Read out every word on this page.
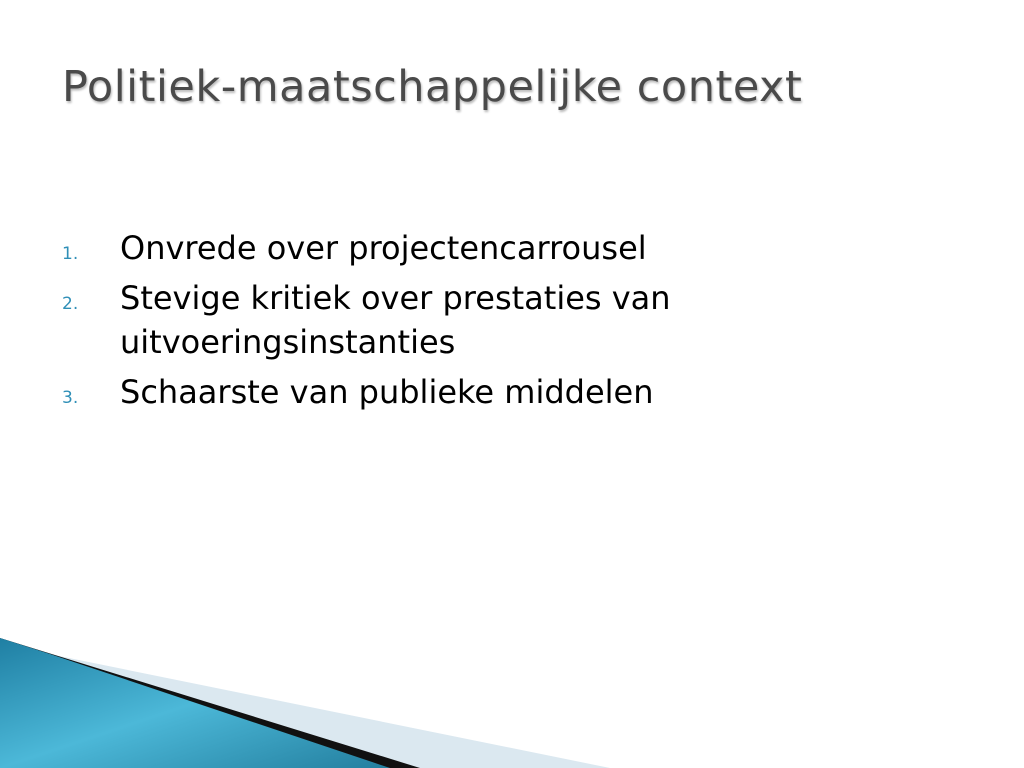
Politiek-maatschappelijke context
1.	Onvrede over projectencarrousel
2.	Stevige kritiek over prestaties van uitvoeringsinstanties
3.	Schaarste van publieke middelen
